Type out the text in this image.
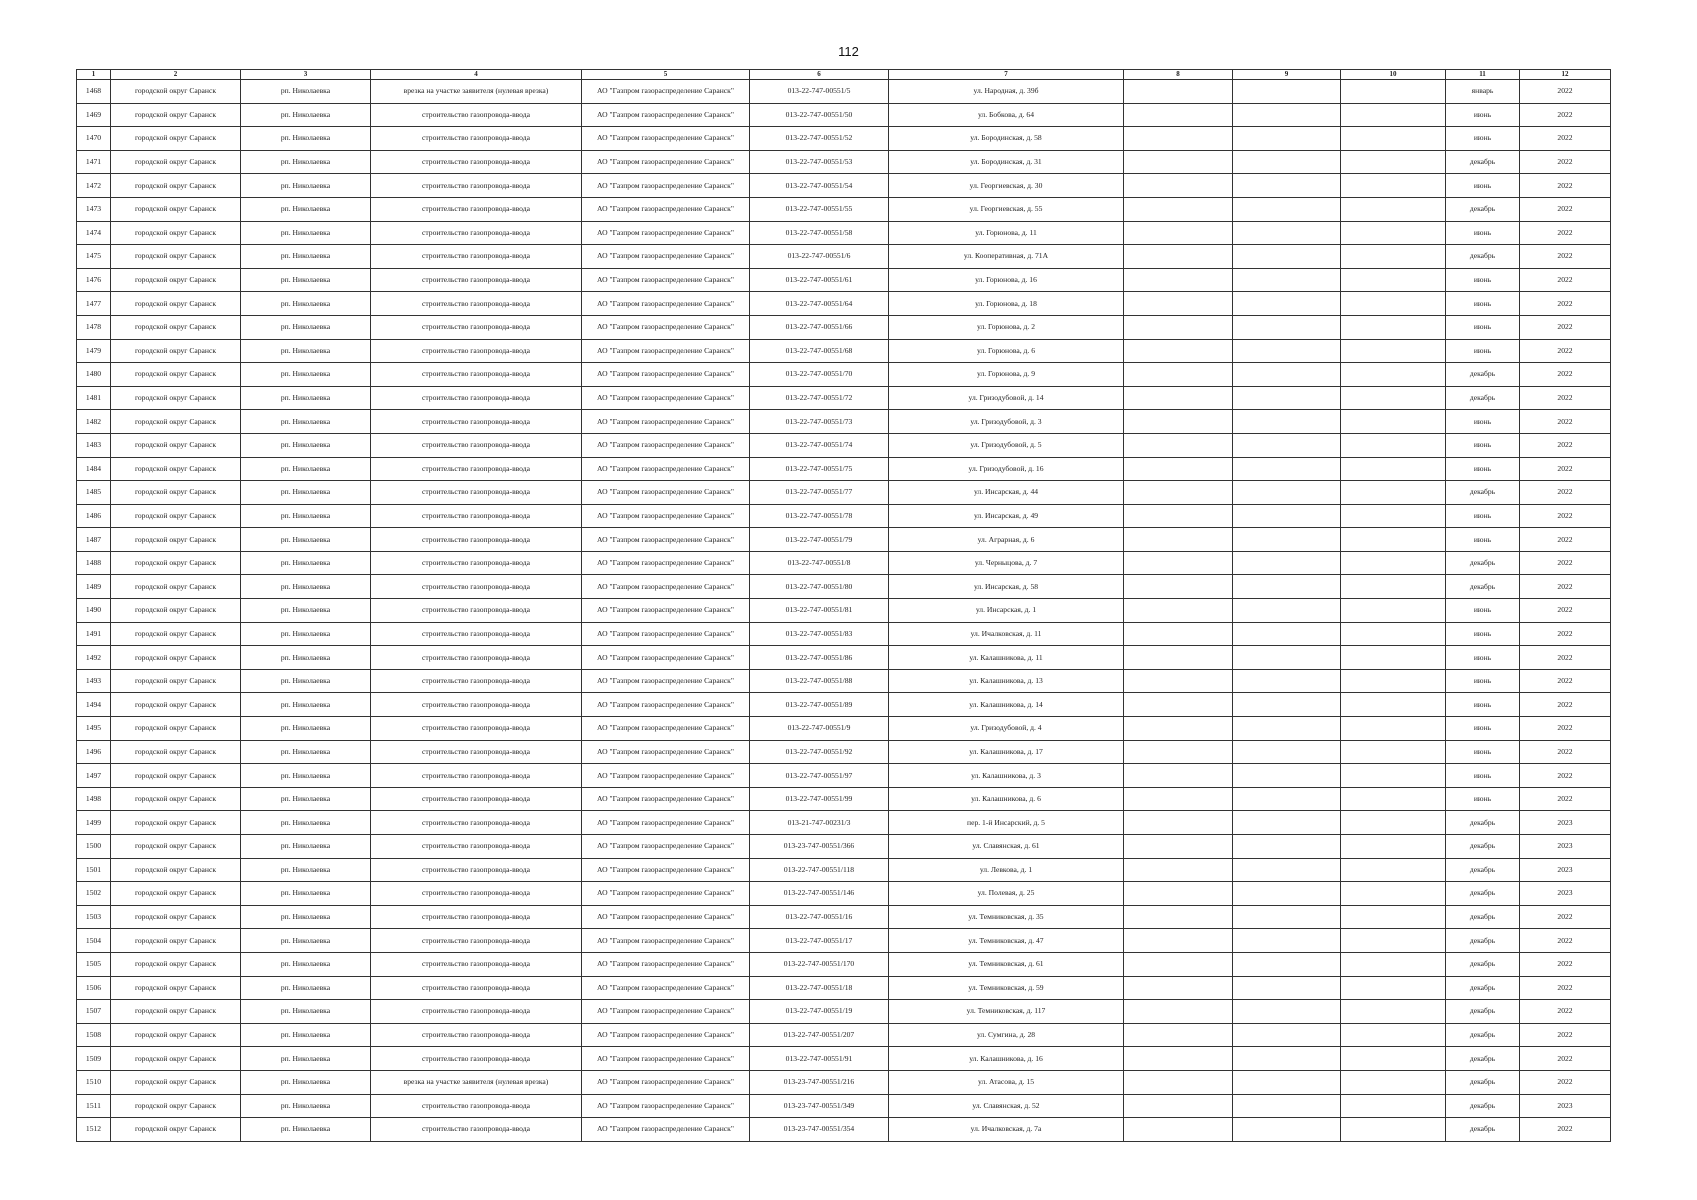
112
1	2	3	4	5	6	7	8	9	10	11	12
1468	городской округ Саранск	рп. Николаевка	врезка на участке заявителя (нулевая врезка)	АО "Газпром газораспределение Саранск"	013-22-747-00551/5	ул. Народная, д. 39б				январь	2022
1469	городской округ Саранск	рп. Николаевка	строительство газопровода-ввода	АО "Газпром газораспределение Саранск"	013-22-747-00551/50	ул. Бобкова, д. 64				июнь	2022
1470	городской округ Саранск	рп. Николаевка	строительство газопровода-ввода	АО "Газпром газораспределение Саранск"	013-22-747-00551/52	ул. Бородинская, д. 58				июнь	2022
1471	городской округ Саранск	рп. Николаевка	строительство газопровода-ввода	АО "Газпром газораспределение Саранск"	013-22-747-00551/53	ул. Бородинская, д. 31				декабрь	2022
1472	городской округ Саранск	рп. Николаевка	строительство газопровода-ввода	АО "Газпром газораспределение Саранск"	013-22-747-00551/54	ул. Георгиевская, д. 30				июнь	2022
1473	городской округ Саранск	рп. Николаевка	строительство газопровода-ввода	АО "Газпром газораспределение Саранск"	013-22-747-00551/55	ул. Георгиевская, д. 55				декабрь	2022
1474	городской округ Саранск	рп. Николаевка	строительство газопровода-ввода	АО "Газпром газораспределение Саранск"	013-22-747-00551/58	ул. Горюнова, д. 11				июнь	2022
1475	городской округ Саранск	рп. Николаевка	строительство газопровода-ввода	АО "Газпром газораспределение Саранск"	013-22-747-00551/6	ул. Кооперативная, д. 71А				декабрь	2022
1476	городской округ Саранск	рп. Николаевка	строительство газопровода-ввода	АО "Газпром газораспределение Саранск"	013-22-747-00551/61	ул. Горюнова, д. 16				июнь	2022
1477	городской округ Саранск	рп. Николаевка	строительство газопровода-ввода	АО "Газпром газораспределение Саранск"	013-22-747-00551/64	ул. Горюнова, д. 18				июнь	2022
1478	городской округ Саранск	рп. Николаевка	строительство газопровода-ввода	АО "Газпром газораспределение Саранск"	013-22-747-00551/66	ул. Горюнова, д. 2				июнь	2022
1479	городской округ Саранск	рп. Николаевка	строительство газопровода-ввода	АО "Газпром газораспределение Саранск"	013-22-747-00551/68	ул. Горюнова, д. 6				июнь	2022
1480	городской округ Саранск	рп. Николаевка	строительство газопровода-ввода	АО "Газпром газораспределение Саранск"	013-22-747-00551/70	ул. Горюнова, д. 9				декабрь	2022
1481	городской округ Саранск	рп. Николаевка	строительство газопровода-ввода	АО "Газпром газораспределение Саранск"	013-22-747-00551/72	ул. Гризодубовой, д. 14				декабрь	2022
1482	городской округ Саранск	рп. Николаевка	строительство газопровода-ввода	АО "Газпром газораспределение Саранск"	013-22-747-00551/73	ул. Гризодубовой, д. 3				июнь	2022
1483	городской округ Саранск	рп. Николаевка	строительство газопровода-ввода	АО "Газпром газораспределение Саранск"	013-22-747-00551/74	ул. Гризодубовой, д. 5				июнь	2022
1484	городской округ Саранск	рп. Николаевка	строительство газопровода-ввода	АО "Газпром газораспределение Саранск"	013-22-747-00551/75	ул. Гризодубовой, д. 16				июнь	2022
1485	городской округ Саранск	рп. Николаевка	строительство газопровода-ввода	АО "Газпром газораспределение Саранск"	013-22-747-00551/77	ул. Инсарская, д. 44				декабрь	2022
1486	городской округ Саранск	рп. Николаевка	строительство газопровода-ввода	АО "Газпром газораспределение Саранск"	013-22-747-00551/78	ул. Инсарская, д. 49				июнь	2022
1487	городской округ Саранск	рп. Николаевка	строительство газопровода-ввода	АО "Газпром газораспределение Саранск"	013-22-747-00551/79	ул. Аграрная, д. 6				июнь	2022
1488	городской округ Саранск	рп. Николаевка	строительство газопровода-ввода	АО "Газпром газораспределение Саранск"	013-22-747-00551/8	ул. Черныцова, д. 7				декабрь	2022
1489	городской округ Саранск	рп. Николаевка	строительство газопровода-ввода	АО "Газпром газораспределение Саранск"	013-22-747-00551/80	ул. Инсарская, д. 58				декабрь	2022
1490	городской округ Саранск	рп. Николаевка	строительство газопровода-ввода	АО "Газпром газораспределение Саранск"	013-22-747-00551/81	ул. Инсарская, д. 1				июнь	2022
1491	городской округ Саранск	рп. Николаевка	строительство газопровода-ввода	АО "Газпром газораспределение Саранск"	013-22-747-00551/83	ул. Ичалковская, д. 11				июнь	2022
1492	городской округ Саранск	рп. Николаевка	строительство газопровода-ввода	АО "Газпром газораспределение Саранск"	013-22-747-00551/86	ул. Калашникова, д. 11				июнь	2022
1493	городской округ Саранск	рп. Николаевка	строительство газопровода-ввода	АО "Газпром газораспределение Саранск"	013-22-747-00551/88	ул. Калашникова, д. 13				июнь	2022
1494	городской округ Саранск	рп. Николаевка	строительство газопровода-ввода	АО "Газпром газораспределение Саранск"	013-22-747-00551/89	ул. Калашникова, д. 14				июнь	2022
1495	городской округ Саранск	рп. Николаевка	строительство газопровода-ввода	АО "Газпром газораспределение Саранск"	013-22-747-00551/9	ул. Гризодубовой, д. 4				июнь	2022
1496	городской округ Саранск	рп. Николаевка	строительство газопровода-ввода	АО "Газпром газораспределение Саранск"	013-22-747-00551/92	ул. Калашникова, д. 17				июнь	2022
1497	городской округ Саранск	рп. Николаевка	строительство газопровода-ввода	АО "Газпром газораспределение Саранск"	013-22-747-00551/97	ул. Калашникова, д. 3				июнь	2022
1498	городской округ Саранск	рп. Николаевка	строительство газопровода-ввода	АО "Газпром газораспределение Саранск"	013-22-747-00551/99	ул. Калашникова, д. 6				июнь	2022
1499	городской округ Саранск	рп. Николаевка	строительство газопровода-ввода	АО "Газпром газораспределение Саранск"	013-21-747-00231/3	пер. 1-й Инсарский, д. 5				декабрь	2023
1500	городской округ Саранск	рп. Николаевка	строительство газопровода-ввода	АО "Газпром газораспределение Саранск"	013-23-747-00551/366	ул. Славянская, д. 61				декабрь	2023
1501	городской округ Саранск	рп. Николаевка	строительство газопровода-ввода	АО "Газпром газораспределение Саранск"	013-22-747-00551/118	ул. Левкова, д. 1				декабрь	2023
1502	городской округ Саранск	рп. Николаевка	строительство газопровода-ввода	АО "Газпром газораспределение Саранск"	013-22-747-00551/146	ул. Полевая, д. 25				декабрь	2023
1503	городской округ Саранск	рп. Николаевка	строительство газопровода-ввода	АО "Газпром газораспределение Саранск"	013-22-747-00551/16	ул. Темниковская, д. 35				декабрь	2022
1504	городской округ Саранск	рп. Николаевка	строительство газопровода-ввода	АО "Газпром газораспределение Саранск"	013-22-747-00551/17	ул. Темниковская, д. 47				декабрь	2022
1505	городской округ Саранск	рп. Николаевка	строительство газопровода-ввода	АО "Газпром газораспределение Саранск"	013-22-747-00551/170	ул. Темниковская, д. 61				декабрь	2022
1506	городской округ Саранск	рп. Николаевка	строительство газопровода-ввода	АО "Газпром газораспределение Саранск"	013-22-747-00551/18	ул. Темниковская, д. 59				декабрь	2022
1507	городской округ Саранск	рп. Николаевка	строительство газопровода-ввода	АО "Газпром газораспределение Саранск"	013-22-747-00551/19	ул. Темниковская, д. 117				декабрь	2022
1508	городской округ Саранск	рп. Николаевка	строительство газопровода-ввода	АО "Газпром газораспределение Саранск"	013-22-747-00551/207	ул. Сумгина, д. 28				декабрь	2022
1509	городской округ Саранск	рп. Николаевка	строительство газопровода-ввода	АО "Газпром газораспределение Саранск"	013-22-747-00551/91	ул. Калашникова, д. 16				декабрь	2022
1510	городской округ Саранск	рп. Николаевка	врезка на участке заявителя (нулевая врезка)	АО "Газпром газораспределение Саранск"	013-23-747-00551/216	ул. Атасова, д. 15				декабрь	2022
1511	городской округ Саранск	рп. Николаевка	строительство газопровода-ввода	АО "Газпром газораспределение Саранск"	013-23-747-00551/349	ул. Славянская, д. 52				декабрь	2023
1512	городской округ Саранск	рп. Николаевка	строительство газопровода-ввода	АО "Газпром газораспределение Саранск"	013-23-747-00551/354	ул. Ичалковская, д. 7а				декабрь	2022
